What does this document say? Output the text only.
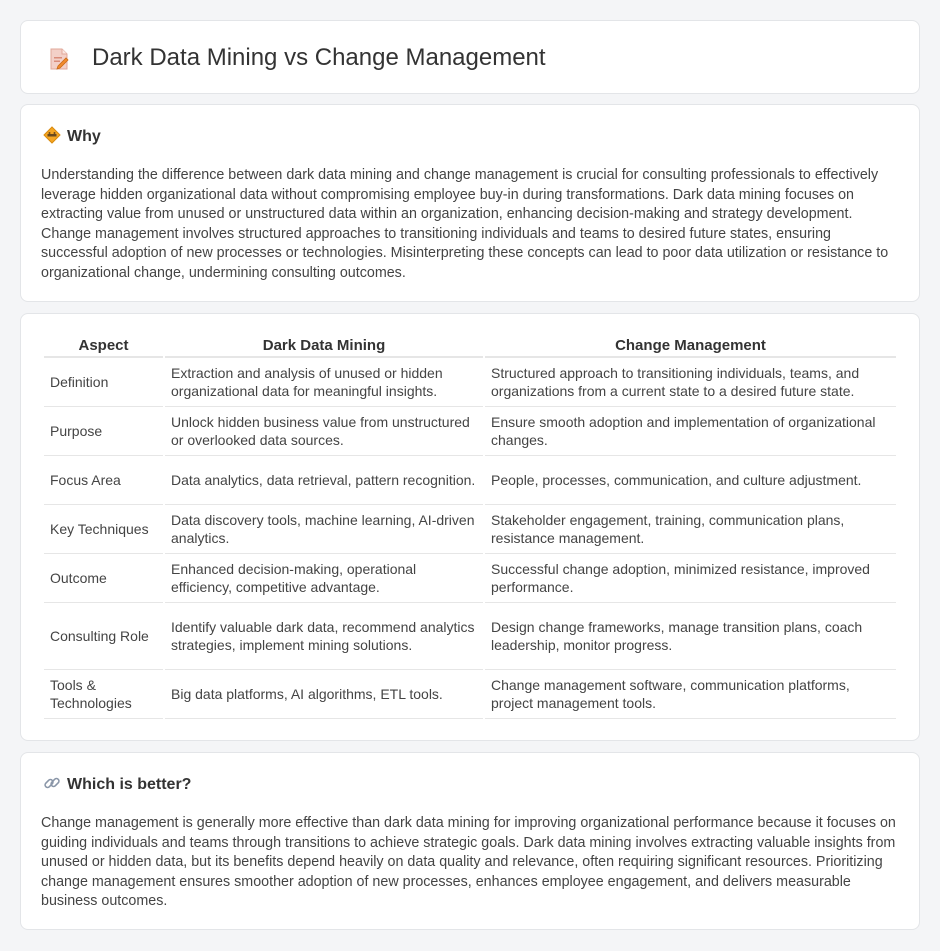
Dark Data Mining vs Change Management
Why

Understanding the difference between dark data mining and change management is crucial for consulting professionals to effectively leverage hidden organizational data without compromising employee buy-in during transformations. Dark data mining focuses on extracting value from unused or unstructured data within an organization, enhancing decision-making and strategy development. Change management involves structured approaches to transitioning individuals and teams to desired future states, ensuring successful adoption of new processes or technologies. Misinterpreting these concepts can lead to poor data utilization or resistance to organizational change, undermining consulting outcomes.

Aspect	Dark Data Mining	Change Management
Definition	Extraction and analysis of unused or hidden organizational data for meaningful insights.	Structured approach to transitioning individuals, teams, and organizations from a current state to a desired future state.
Purpose	Unlock hidden business value from unstructured or overlooked data sources.	Ensure smooth adoption and implementation of organizational changes.
Focus Area	Data analytics, data retrieval, pattern recognition.	People, processes, communication, and culture adjustment.
Key Techniques	Data discovery tools, machine learning, AI-driven analytics.	Stakeholder engagement, training, communication plans, resistance management.
Outcome	Enhanced decision-making, operational efficiency, competitive advantage.	Successful change adoption, minimized resistance, improved performance.
Consulting Role	Identify valuable dark data, recommend analytics strategies, implement mining solutions.	Design change frameworks, manage transition plans, coach leadership, monitor progress.
Tools & Technologies	Big data platforms, AI algorithms, ETL tools.	Change management software, communication platforms, project management tools.
Which is better?

Change management is generally more effective than dark data mining for improving organizational performance because it focuses on guiding individuals and teams through transitions to achieve strategic goals. Dark data mining involves extracting valuable insights from unused or hidden data, but its benefits depend heavily on data quality and relevance, often requiring significant resources. Prioritizing change management ensures smoother adoption of new processes, enhances employee engagement, and delivers measurable business outcomes.
